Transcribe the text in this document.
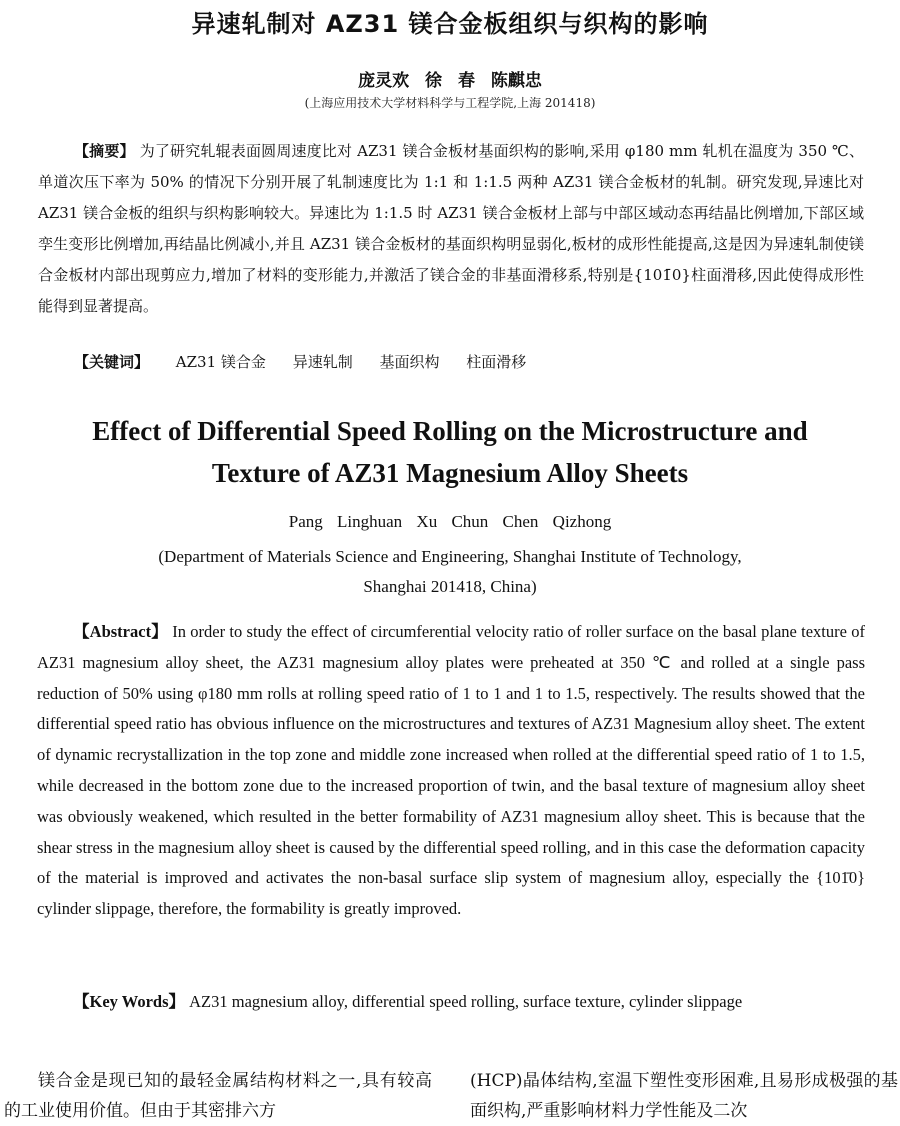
异速轧制对 AZ31 镁合金板组织与织构的影响
庞灵欢 徐 春 陈麒忠
(上海应用技术大学材料科学与工程学院,上海 201418)
【摘要】 为了研究轧辊表面圆周速度比对 AZ31 镁合金板材基面织构的影响,采用 φ180 mm 轧机在温度为 350 ℃、单道次压下率为 50% 的情况下分别开展了轧制速度比为 1:1 和 1:1.5 两种 AZ31 镁合金板材的轧制。研究发现,异速比对 AZ31 镁合金板的组织与织构影响较大。异速比为 1:1.5 时 AZ31 镁合金板材上部与中部区域动态再结晶比例增加,下部区域孪生变形比例增加,再结晶比例减小,并且 AZ31 镁合金板材的基面织构明显弱化,板材的成形性能提高,这是因为异速轧制使镁合金板材内部出现剪应力,增加了材料的变形能力,并激活了镁合金的非基面滑移系,特别是{101̄0}柱面滑移,因此使得成形性能得到显著提高。
【关键词】 AZ31 镁合金 异速轧制 基面织构 柱面滑移
Effect of Differential Speed Rolling on the Microstructure and
Texture of AZ31 Magnesium Alloy Sheets
Pang Linghuan Xu Chun Chen Qizhong
(Department of Materials Science and Engineering, Shanghai Institute of Technology,
Shanghai 201418, China)
【Abstract】 In order to study the effect of circumferential velocity ratio of roller surface on the basal plane texture of AZ31 magnesium alloy sheet, the AZ31 magnesium alloy plates were preheated at 350 ℃ and rolled at a single pass reduction of 50% using φ180 mm rolls at rolling speed ratio of 1 to 1 and 1 to 1.5, respectively. The results showed that the differential speed ratio has obvious influence on the microstructures and textures of AZ31 Magnesium alloy sheet. The extent of dynamic recrystallization in the top zone and middle zone increased when rolled at the differential speed ratio of 1 to 1.5, while decreased in the bottom zone due to the increased proportion of twin, and the basal texture of magnesium alloy sheet was obviously weakened, which resulted in the better formability of AZ31 magnesium alloy sheet. This is because that the shear stress in the magnesium alloy sheet is caused by the differential speed rolling, and in this case the deformation capacity of the material is improved and activates the non-basal surface slip system of magnesium alloy, especially the {101̄0} cylinder slippage, therefore, the formability is greatly improved.
【Key Words】 AZ31 magnesium alloy, differential speed rolling, surface texture, cylinder slippage
镁合金是现已知的最轻金属结构材料之一,具有较高的工业使用价值。但由于其密排六方
(HCP)晶体结构,室温下塑性变形困难,且易形成极强的基面织构,严重影响材料力学性能及二次
